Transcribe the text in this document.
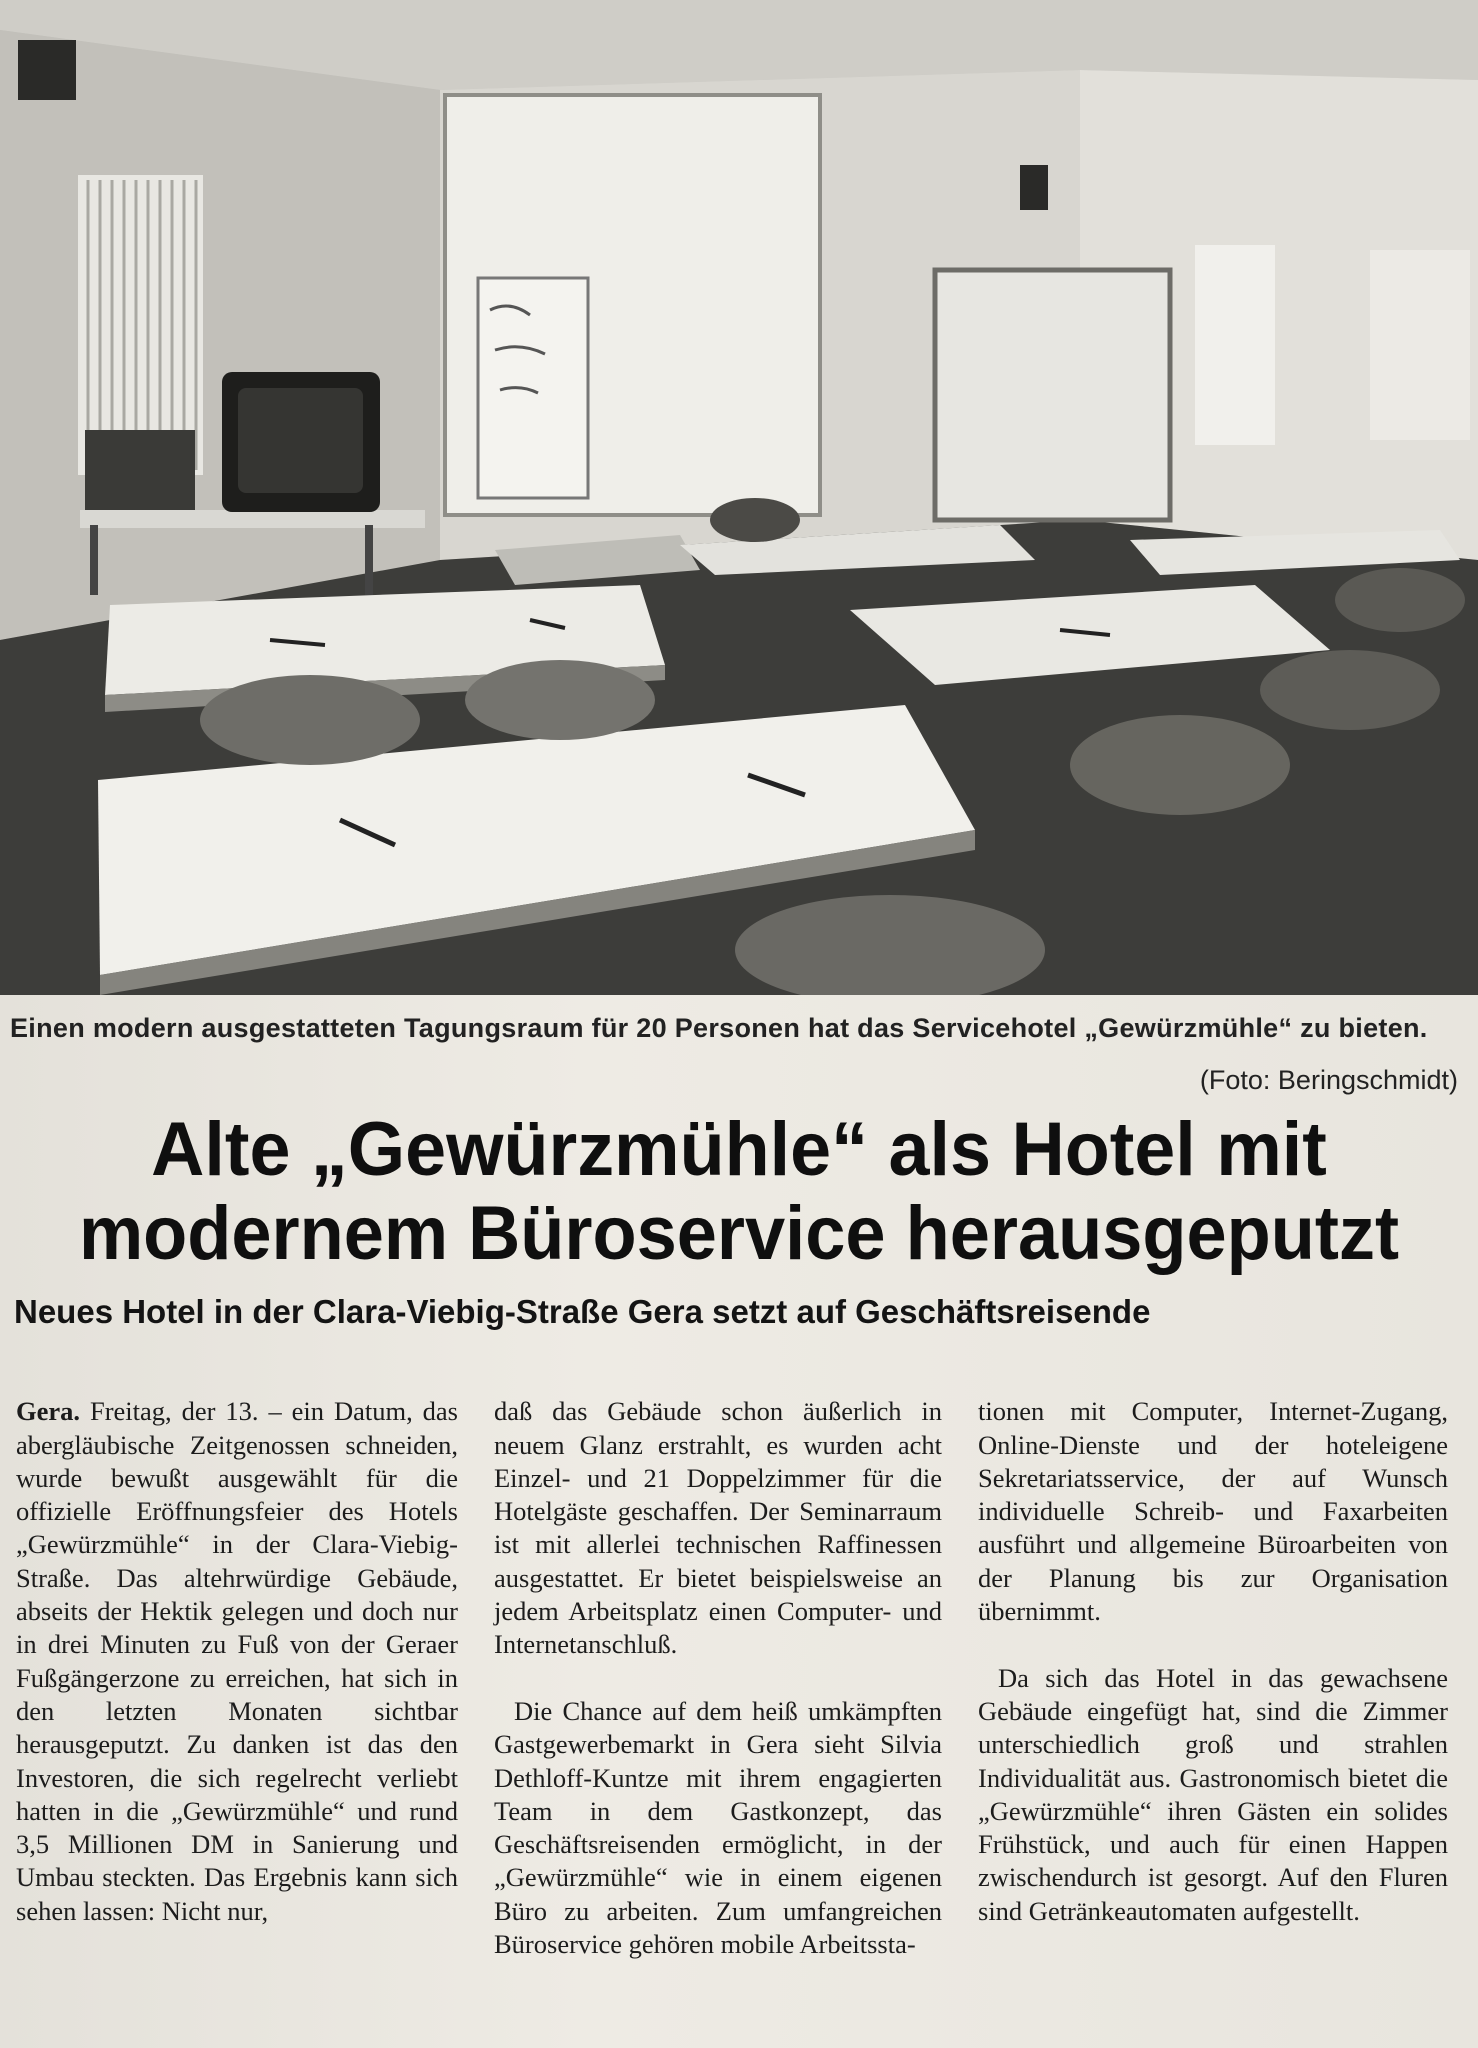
Einen modern ausgestatteten Tagungsraum für 20 Personen hat das Servicehotel „Gewürzmühle“ zu bieten.
(Foto: Beringschmidt)
Alte „Gewürzmühle“ als Hotel mit
modernem Büroservice herausgeputzt
Neues Hotel in der Clara-Viebig-Straße Gera setzt auf Geschäftsreisende

Gera. Freitag, der 13. – ein Datum, das abergläubische Zeitgenossen schneiden, wurde bewußt ausgewählt für die offizielle Eröffnungsfeier des Hotels „Gewürzmühle“ in der Clara-Viebig-Straße. Das altehrwürdige Gebäude, abseits der Hektik gelegen und doch nur in drei Minuten zu Fuß von der Geraer Fußgängerzone zu erreichen, hat sich in den letzten Monaten sichtbar herausgeputzt. Zu danken ist das den Investoren, die sich regelrecht verliebt hatten in die „Gewürzmühle“ und rund 3,5 Millionen DM in Sanierung und Umbau steckten. Das Ergebnis kann sich sehen lassen: Nicht nur,

daß das Gebäude schon äußerlich in neuem Glanz erstrahlt, es wurden acht Einzel- und 21 Doppelzimmer für die Hotelgäste geschaffen. Der Seminarraum ist mit allerlei technischen Raffinessen ausgestattet. Er bietet beispielsweise an jedem Arbeitsplatz einen Computer- und Internetanschluß.

Die Chance auf dem heiß umkämpften Gastgewerbemarkt in Gera sieht Silvia Dethloff-Kuntze mit ihrem engagierten Team in dem Gastkonzept, das Geschäftsreisenden ermöglicht, in der „Gewürzmühle“ wie in einem eigenen Büro zu arbeiten. Zum umfangreichen Büroservice gehören mobile Arbeitssta-

tionen mit Computer, Internet-Zugang, Online-Dienste und der hoteleigene Sekretariatsservice, der auf Wunsch individuelle Schreib- und Faxarbeiten ausführt und allgemeine Büroarbeiten von der Planung bis zur Organisation übernimmt.

Da sich das Hotel in das gewachsene Gebäude eingefügt hat, sind die Zimmer unterschiedlich groß und strahlen Individualität aus. Gastronomisch bietet die „Gewürzmühle“ ihren Gästen ein solides Frühstück, und auch für einen Happen zwischendurch ist gesorgt. Auf den Fluren sind Getränkeautomaten aufgestellt.
